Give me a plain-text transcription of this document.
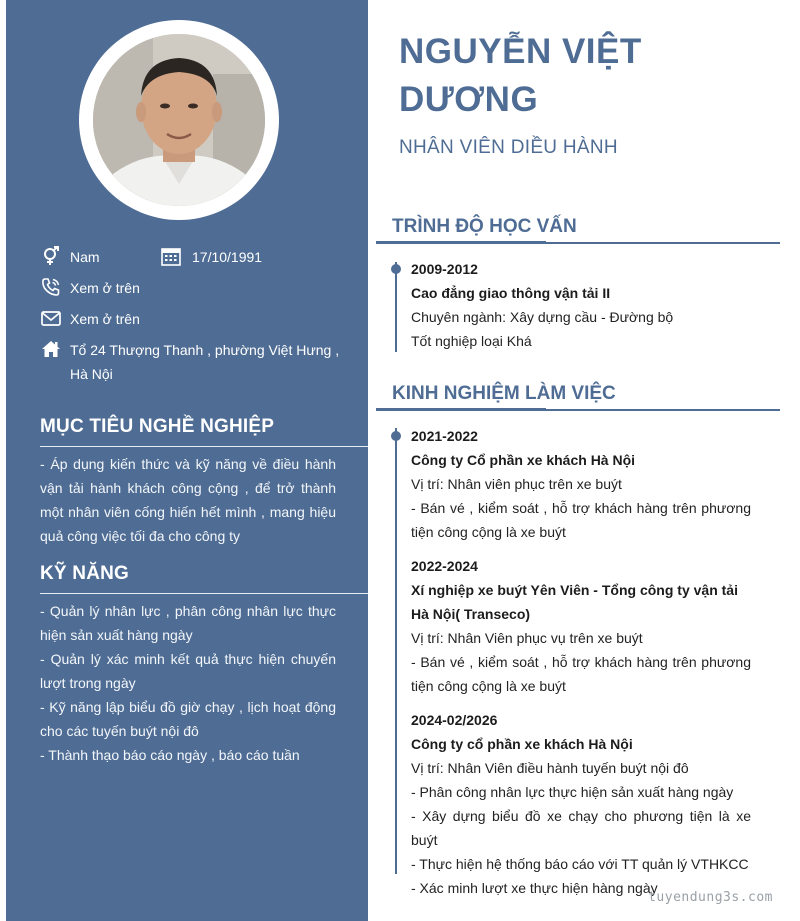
Nam	17/10/1991
Xem ở trên
Xem ở trên
Tổ 24 Thượng Thanh , phường Việt Hưng , Hà Nội
MỤC TIÊU NGHỀ NGHIỆP
- Áp dụng kiến thức và kỹ năng về điều hành vận tải hành khách công cộng , để trở thành một nhân viên cống hiến hết mình , mang hiệu quả công việc tối đa cho công ty
KỸ NĂNG
- Quản lý nhân lực , phân công nhân lực thực hiện sản xuất hàng ngày
- Quản lý xác minh kết quả thực hiện chuyến lượt trong ngày
- Kỹ năng lập biểu đồ giờ chạy , lịch hoạt động cho các tuyến buýt nội đô
- Thành thạo báo cáo ngày , báo cáo tuần
NGUYỄN VIỆT DƯƠNG
NHÂN VIÊN DIỀU HÀNH
TRÌNH ĐỘ HỌC VẤN
2009-2012
Cao đẳng giao thông vận tải II
Chuyên ngành: Xây dựng cầu - Đường bộ
Tốt nghiệp loại Khá
KINH NGHIỆM LÀM VIỆC
2021-2022
Công ty Cổ phần xe khách Hà Nội
Vị trí: Nhân viên phục trên xe buýt
- Bán vé , kiểm soát , hỗ trợ khách hàng trên phương tiện công cộng là xe buýt
2022-2024
Xí nghiệp xe buýt Yên Viên - Tổng công ty vận tải Hà Nội( Transeco)
Vị trí: Nhân Viên phục vụ trên xe buýt
- Bán vé , kiểm soát , hỗ trợ khách hàng trên phương tiện công cộng là xe buýt
2024-02/2026
Công ty cổ phần xe khách Hà Nội
Vị trí: Nhân Viên điều hành tuyến buýt nội đô
- Phân công nhân lực thực hiện sản xuất hàng ngày
- Xây dựng biểu đồ xe chạy cho phương tiện là xe buýt
- Thực hiện hệ thống báo cáo với TT quản lý VTHKCC
- Xác minh lượt xe thực hiện hàng ngày
tuyendung3s.com
